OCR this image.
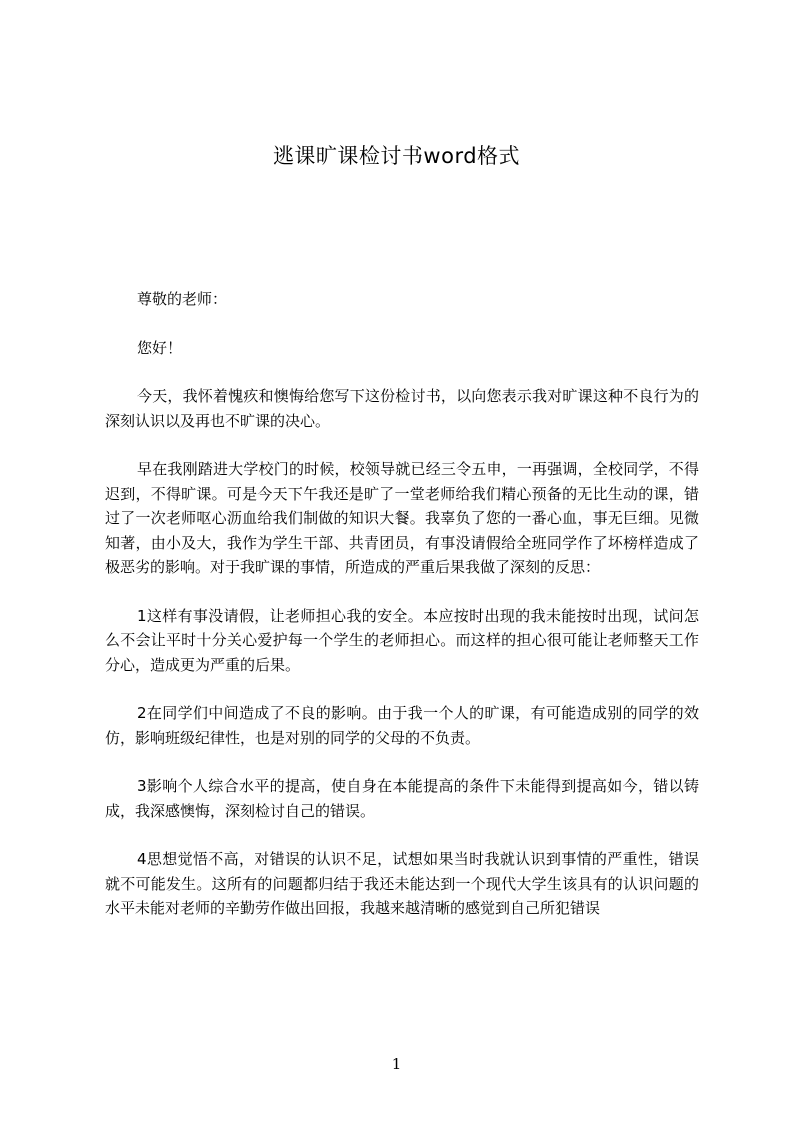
逃课旷课检讨书word格式

尊敬的老师：

您好！

今天，我怀着愧疚和懊悔给您写下这份检讨书，以向您表示我对旷课这种不良行为的深刻认识以及再也不旷课的决心。

早在我刚踏进大学校门的时候，校领导就已经三令五申，一再强调，全校同学，不得迟到，不得旷课。可是今天下午我还是旷了一堂老师给我们精心预备的无比生动的课，错过了一次老师呕心沥血给我们制做的知识大餐。我辜负了您的一番心血，事无巨细。见微知著，由小及大，我作为学生干部、共青团员，有事没请假给全班同学作了坏榜样造成了极恶劣的影响。对于我旷课的事情，所造成的严重后果我做了深刻的反思：

1这样有事没请假，让老师担心我的安全。本应按时出现的我未能按时出现，试问怎么不会让平时十分关心爱护每一个学生的老师担心。而这样的担心很可能让老师整天工作分心，造成更为严重的后果。

2在同学们中间造成了不良的影响。由于我一个人的旷课，有可能造成别的同学的效仿，影响班级纪律性，也是对别的同学的父母的不负责。

3影响个人综合水平的提高，使自身在本能提高的条件下未能得到提高如今，错以铸成，我深感懊悔，深刻检讨自己的错误。

4思想觉悟不高，对错误的认识不足，试想如果当时我就认识到事情的严重性，错误就不可能发生。这所有的问题都归结于我还未能达到一个现代大学生该具有的认识问题的水平未能对老师的辛勤劳作做出回报，我越来越清晰的感觉到自己所犯错误

1
